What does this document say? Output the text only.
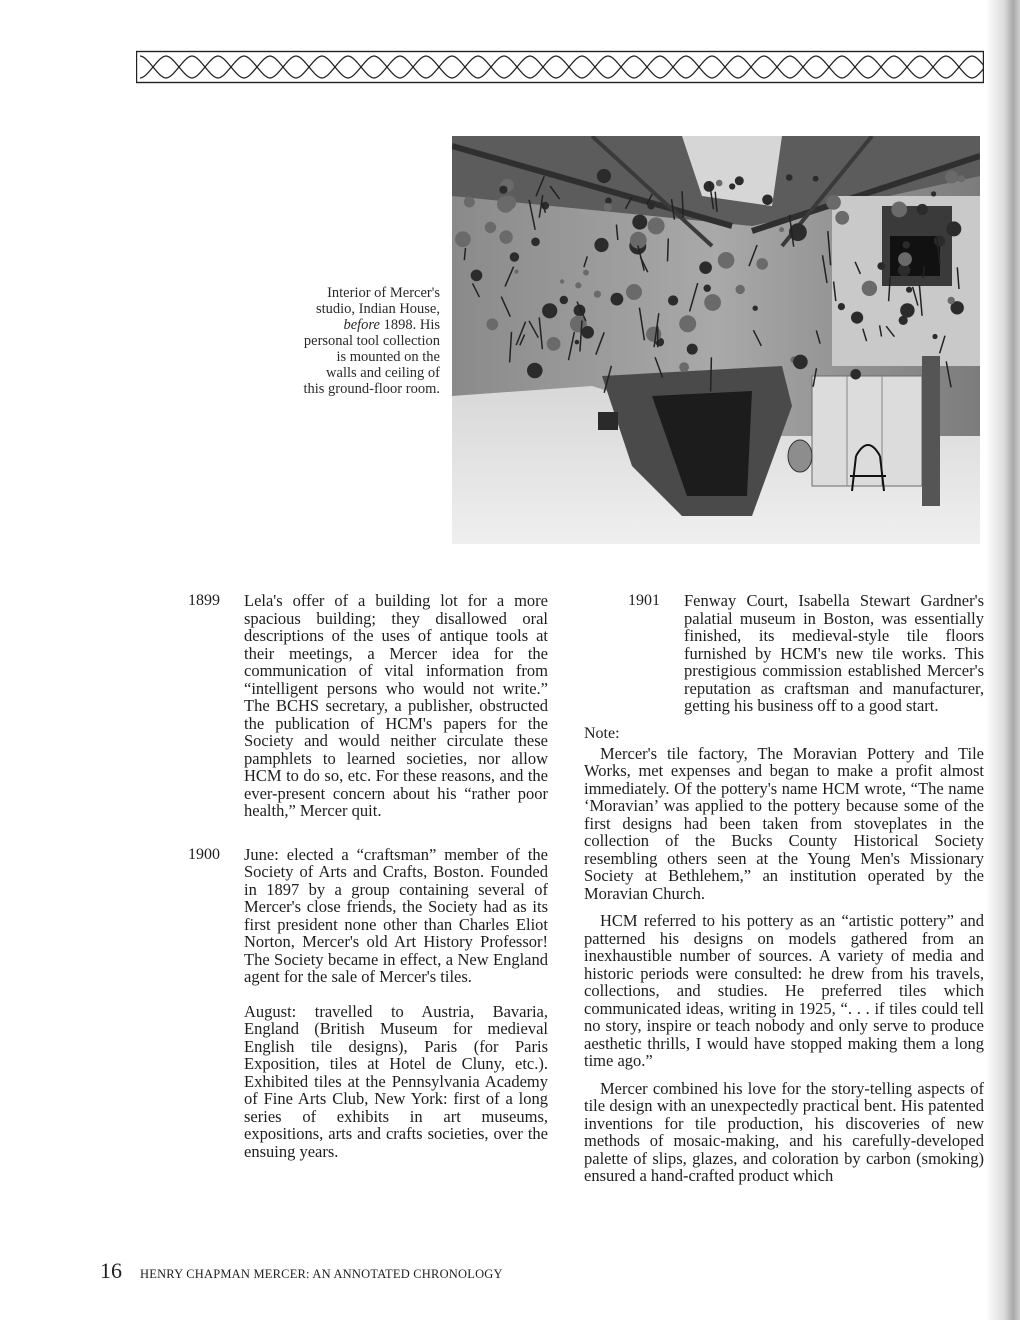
Interior of Mercer's

studio, Indian House,

before 1898. His

personal tool collection

is mounted on the

walls and ceiling of

this ground-floor room.

1899 Lela's offer of a building lot for a more spacious building; they disallowed oral descriptions of the uses of antique tools at their meetings, a Mercer idea for the communication of vital information from “intelligent persons who would not write.” The BCHS secretary, a publisher, obstructed the publication of HCM's papers for the Society and would neither circulate these pamphlets to learned societies, nor allow HCM to do so, etc. For these reasons, and the ever-present concern about his “rather poor health,” Mercer quit.

1900 June: elected a “craftsman” member of the Society of Arts and Crafts, Boston. Founded in 1897 by a group containing several of Mercer's close friends, the Society had as its first president none other than Charles Eliot Norton, Mercer's old Art History Professor! The Society became in effect, a New England agent for the sale of Mercer's tiles.

August: travelled to Austria, Bavaria, England (British Museum for medieval English tile designs), Paris (for Paris Exposition, tiles at Hotel de Cluny, etc.). Exhibited tiles at the Pennsylvania Academy of Fine Arts Club, New York: first of a long series of exhibits in art museums, expositions, arts and crafts societies, over the ensuing years.

1901 Fenway Court, Isabella Stewart Gardner's palatial museum in Boston, was essentially finished, its medieval-style tile floors furnished by HCM's new tile works. This prestigious commission established Mercer's reputation as craftsman and manufacturer, getting his business off to a good start.

Note:

Mercer's tile factory, The Moravian Pottery and Tile Works, met expenses and began to make a profit almost immediately. Of the pottery's name HCM wrote, “The name ‘Moravian’ was applied to the pottery because some of the first designs had been taken from stoveplates in the collection of the Bucks County Historical Society resembling others seen at the Young Men's Missionary Society at Bethlehem,” an institution operated by the Moravian Church.

HCM referred to his pottery as an “artistic pottery” and patterned his designs on models gathered from an inexhaustible number of sources. A variety of media and historic periods were consulted: he drew from his travels, collections, and studies. He preferred tiles which communicated ideas, writing in 1925, “. . . if tiles could tell no story, inspire or teach nobody and only serve to produce aesthetic thrills, I would have stopped making them a long time ago.”

Mercer combined his love for the story-telling aspects of tile design with an unexpectedly practical bent. His patented inventions for tile production, his discoveries of new methods of mosaic-making, and his carefully-developed palette of slips, glazes, and coloration by carbon (smoking) ensured a hand-crafted product which

16 HENRY CHAPMAN MERCER: AN ANNOTATED CHRONOLOGY
